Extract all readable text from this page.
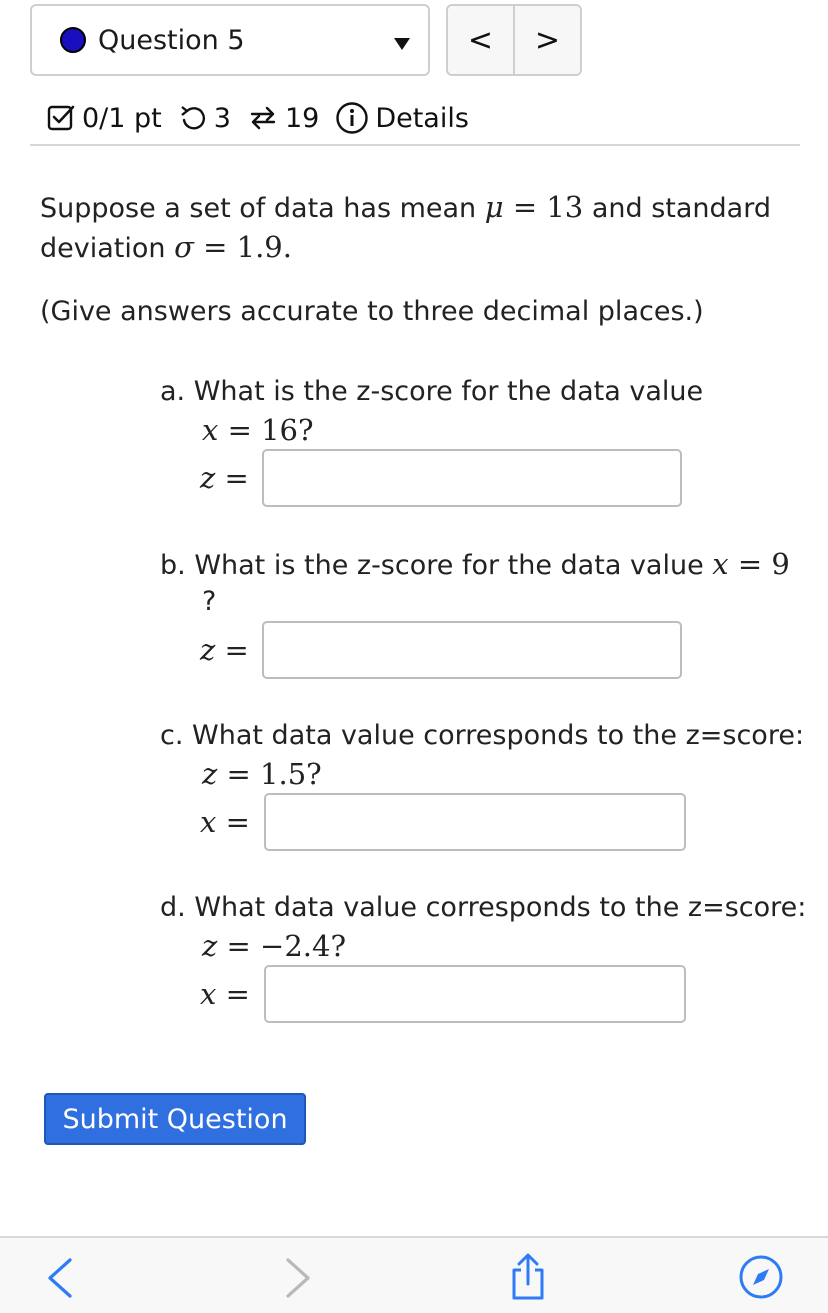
Question 5	<	>
0/1 pt 3 19 Details
Suppose a set of data has mean μ = 13 and standard
deviation σ = 1.9.
(Give answers accurate to three decimal places.)
a. What is the z-score for the data value
x = 16?
z =
b. What is the z-score for the data value x = 9
?
z =
c. What data value corresponds to the z=score:
z = 1.5?
x =
d. What data value corresponds to the z=score:
z = −2.4?
x =
Submit Question
